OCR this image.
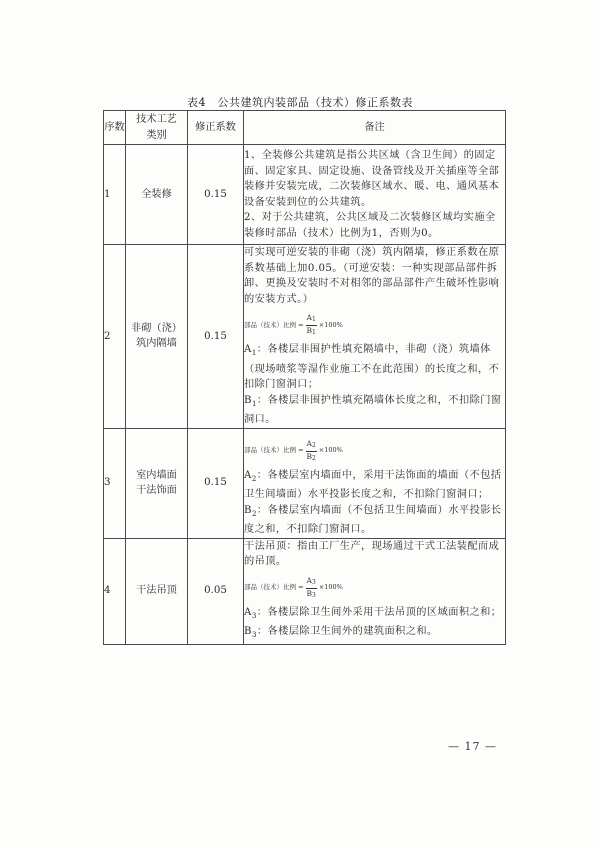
表4　公共建筑内装部品（技术）修正系数表
序数	技术工艺类别	修正系数	备注
1	全装修	0.15	1、全装修公共建筑是指公共区域（含卫生间）的固定面、固定家具、固定设施、设备管线及开关插座等全部装修并安装完成，二次装修区域水、暖、电、通风基本设备安装到位的公共建筑。
2、对于公共建筑，公共区域及二次装修区域均实施全装修时部品（技术）比例为1，否则为0。

2	非砌（浇）筑内隔墙	0.15	
可实现可逆安装的非砌（浇）筑内隔墙，修正系数在原系数基础上加0.05。（可逆安装：一种实现部品部件拆卸、更换及安装时不对相邻的部品部件产生破坏性影响的安装方式。）
部品（技术）比例 = $\frac{A_1}{B_1} \times 100\%$
$A_1$：各楼层非围护性填充隔墙中，非砌（浇）筑墙体（现场喷浆等湿作业施工不在此范围）的长度之和，不扣除门窗洞口；
$B_1$：各楼层非围护性填充隔墙体长度之和，不扣除门窗洞口。

3	室内墙面干法饰面	0.15	
部品（技术）比例 = $\frac{A_2}{B_2} \times 100\%$
$A_2$：各楼层室内墙面中，采用干法饰面的墙面（不包括卫生间墙面）水平投影长度之和，不扣除门窗洞口；
$B_2$：各楼层室内墙面（不包括卫生间墙面）水平投影长度之和，不扣除门窗洞口。

4	干法吊顶	0.05	
干法吊顶：指由工厂生产，现场通过干式工法装配而成的吊顶。
部品（技术）比例 = $\frac{A_3}{B_3} \times 100\%$
$A_3$：各楼层除卫生间外采用干法吊顶的区域面积之和；
$B_3$：各楼层除卫生间外的建筑面积之和。
— 17 —
